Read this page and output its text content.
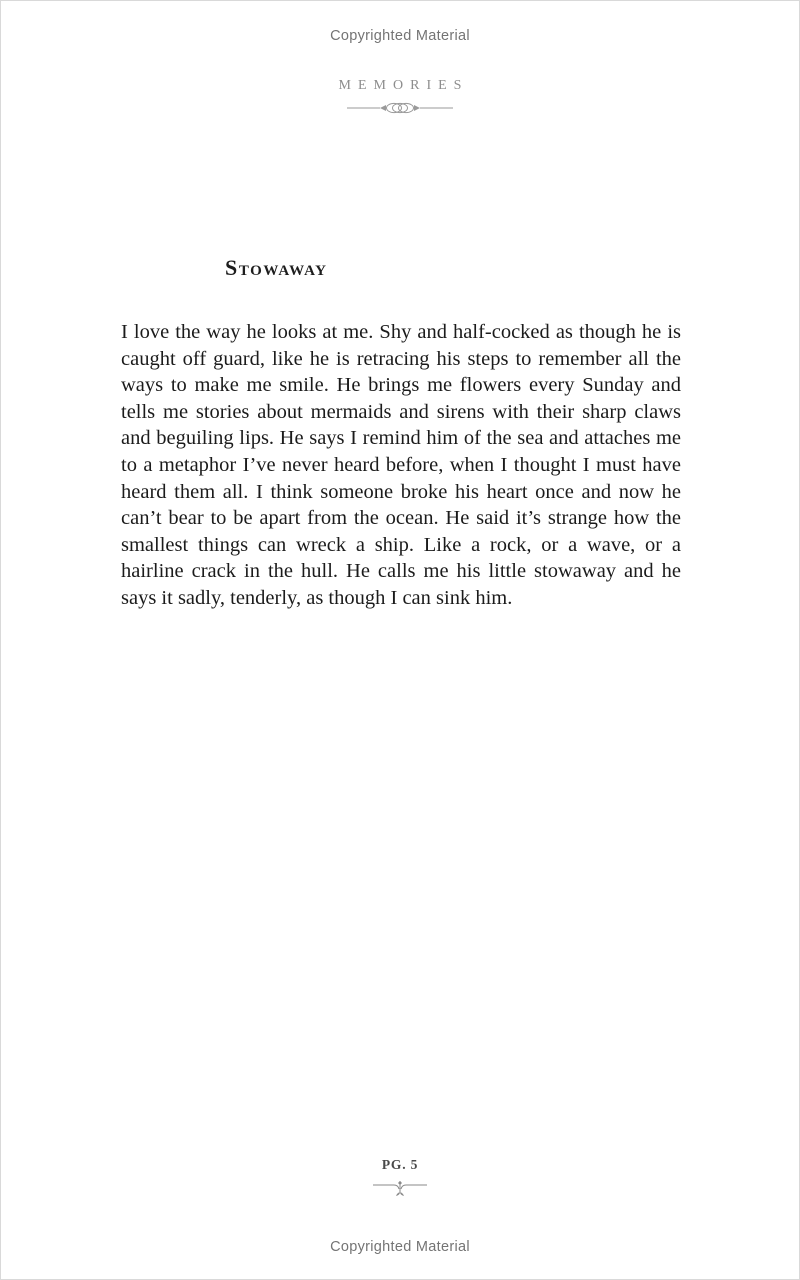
Copyrighted Material
MEMORIES
Stowaway
I love the way he looks at me. Shy and half-cocked as though he is caught off guard, like he is retracing his steps to remember all the ways to make me smile. He brings me flowers every Sunday and tells me stories about mermaids and sirens with their sharp claws and beguiling lips. He says I remind him of the sea and attaches me to a metaphor I’ve never heard before, when I thought I must have heard them all. I think someone broke his heart once and now he can’t bear to be apart from the ocean. He said it’s strange how the smallest things can wreck a ship. Like a rock, or a wave, or a hairline crack in the hull. He calls me his little stowaway and he says it sadly, tenderly, as though I can sink him.
PG. 5
Copyrighted Material
